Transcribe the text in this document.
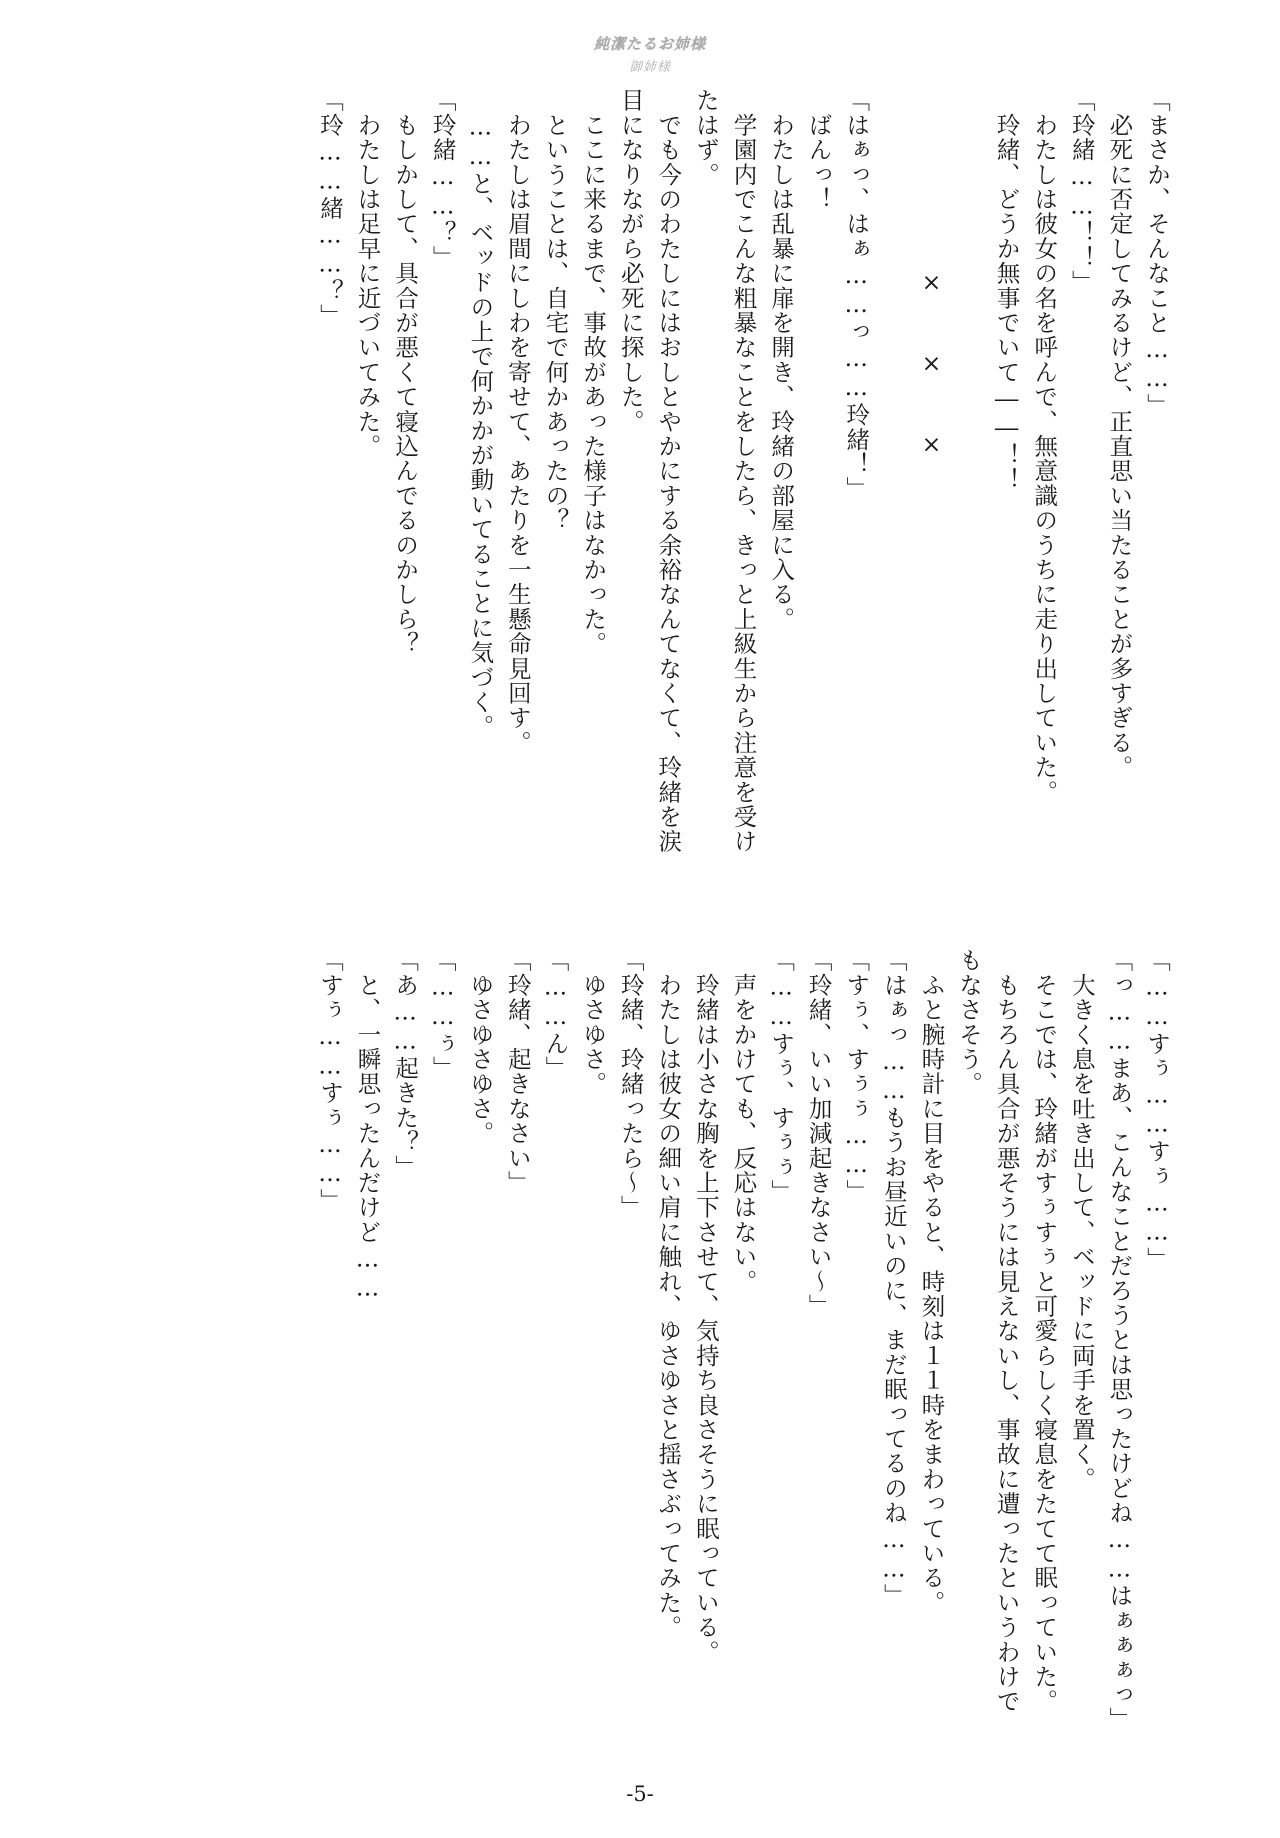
純潔たるお姉様
御姉様
「まさか、そんなこと……」
　必死に否定してみるけど、正直思い当たることが多すぎる。
「玲緒……！！」
　わたしは彼女の名を呼んで、無意識のうちに走り出していた。
　玲緒、どうか無事でいて――！！
×　　×　　×
「はぁっ、はぁ……っ……玲緒！」
　ばんっ！
　わたしは乱暴に扉を開き、玲緒の部屋に入る。
　学園内でこんな粗暴なことをしたら、きっと上級生から注意を受け
たはず。
　でも今のわたしにはおしとやかにする余裕なんてなくて、玲緒を涙
目になりながら必死に探した。
　ここに来るまで、事故があった様子はなかった。
　ということは、自宅で何かあったの？
　わたしは眉間にしわを寄せて、あたりを一生懸命見回す。
　……と、ベッドの上で何かかが動いてることに気づく。
「玲緒……？」
　もしかして、具合が悪くて寝込んでるのかしら？
　わたしは足早に近づいてみた。
「玲……緒……？」
「……すぅ……すぅ……」
「っ……まあ、こんなことだろうとは思ったけどね……はぁぁぁっ」
　大きく息を吐き出して、ベッドに両手を置く。
　そこでは、玲緒がすぅすぅと可愛らしく寝息をたてて眠っていた。
　もちろん具合が悪そうには見えないし、事故に遭ったというわけで
もなさそう。
　ふと腕時計に目をやると、時刻は１１時をまわっている。
「はぁっ……もうお昼近いのに、まだ眠ってるのね……」
「すぅ、すぅぅ……」
「玲緒、いい加減起きなさい～」
「……すぅ、すぅぅ」
　声をかけても、反応はない。
　玲緒は小さな胸を上下させて、気持ち良さそうに眠っている。
　わたしは彼女の細い肩に触れ、ゆさゆさと揺さぶってみた。
「玲緒、玲緒ったら～」
　ゆさゆさ。
「……ん」
「玲緒、起きなさい」
　ゆさゆさゆさ。
「……ぅ」
「あ……起きた？」
　と、一瞬思ったんだけど……
「すぅ……すぅ……」
-5-
